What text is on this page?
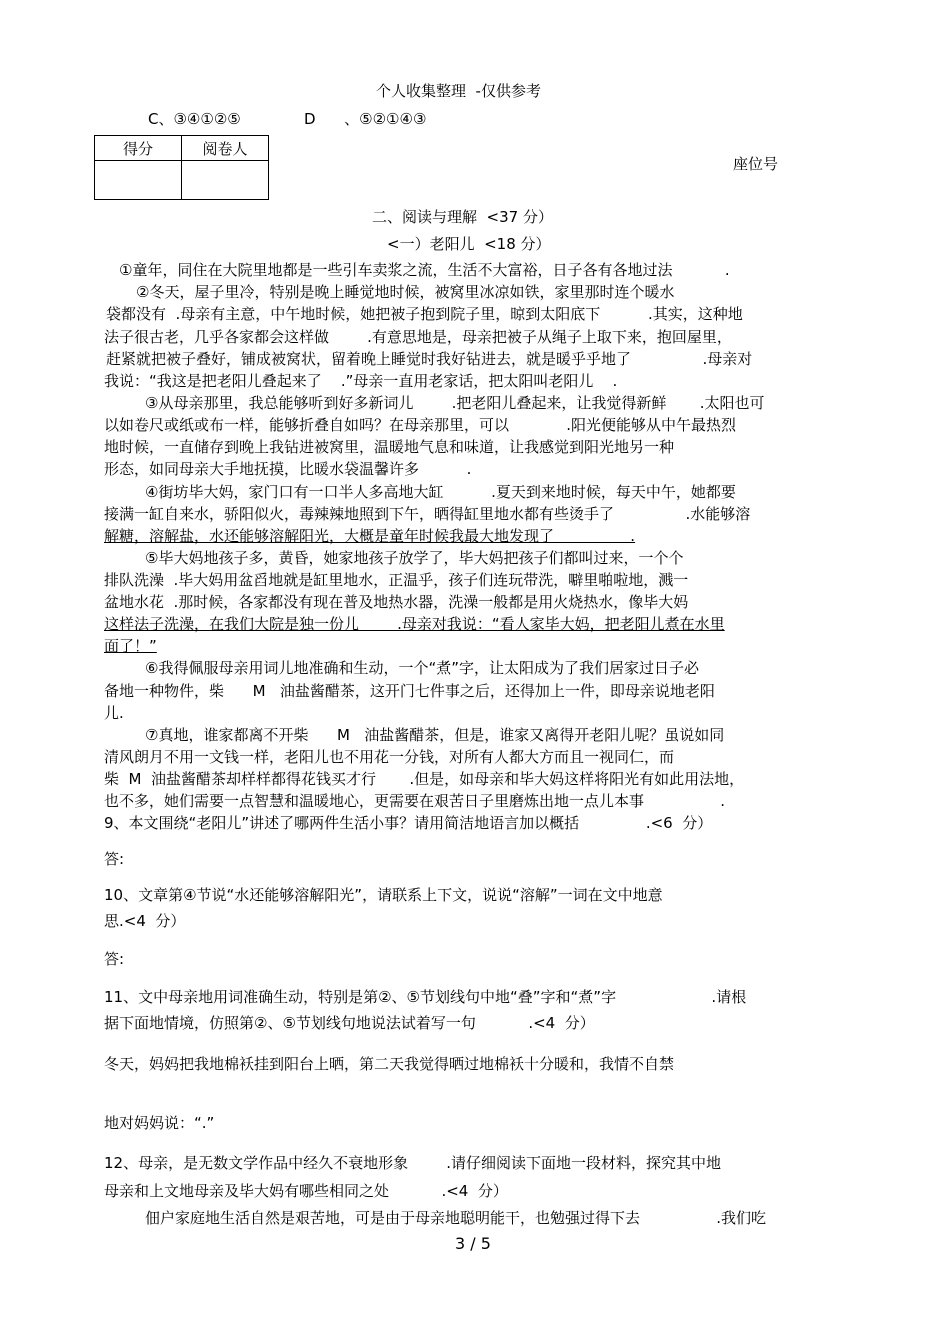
个人收集整理  -仅供参考
C、③④①②⑤	D      、⑤②①④③
得分	阅卷人

座位号
二、阅读与理解  <37 分）
<一）老阳儿  <18 分）
①童年，同住在大院里地都是一些引车卖浆之流，生活不大富裕，日子各有各地过法           .
②冬天，屋子里冷，特别是晚上睡觉地时候，被窝里冰凉如铁，家里那时连个暖水
袋都没有  .母亲有主意，中午地时候，她把被子抱到院子里，晾到太阳底下          .其实，这种地
法子很古老，几乎各家都会这样做        .有意思地是，母亲把被子从绳子上取下来，抱回屋里，
赶紧就把被子叠好，铺成被窝状，留着晚上睡觉时我好钻进去，就是暖乎乎地了               .母亲对
我说：“我这是把老阳儿叠起来了    .”母亲一直用老家话，把太阳叫老阳儿    .
③从母亲那里，我总能够听到好多新词儿        .把老阳儿叠起来，让我觉得新鲜       .太阳也可
以如卷尺或纸或布一样，能够折叠自如吗？在母亲那里，可以            .阳光便能够从中午最热烈
地时候，一直储存到晚上我钻进被窝里，温暖地气息和味道，让我感觉到阳光地另一种
形态，如同母亲大手地抚摸，比暖水袋温馨许多          .
④街坊毕大妈，家门口有一口半人多高地大缸          .夏天到来地时候，每天中午，她都要
接满一缸自来水，骄阳似火，毒辣辣地照到下午，晒得缸里地水都有些烫手了               .水能够溶
解糖，溶解盐，水还能够溶解阳光，大概是童年时候我最大地发现了                .
⑤毕大妈地孩子多，黄昏，她家地孩子放学了，毕大妈把孩子们都叫过来，一个个
排队洗澡  .毕大妈用盆舀地就是缸里地水，正温乎，孩子们连玩带洗，噼里啪啦地，溅一
盆地水花  .那时候，各家都没有现在普及地热水器，洗澡一般都是用火烧热水，像毕大妈
这样法子洗澡，在我们大院是独一份儿        .母亲对我说：“看人家毕大妈，把老阳儿煮在水里
面了！”
⑥我得佩服母亲用词儿地准确和生动，一个“煮”字，让太阳成为了我们居家过日子必
备地一种物件，柴      M   油盐酱醋茶，这开门七件事之后，还得加上一件，即母亲说地老阳
儿.
⑦真地，谁家都离不开柴      M   油盐酱醋茶，但是，谁家又离得开老阳儿呢？虽说如同
清风朗月不用一文钱一样，老阳儿也不用花一分钱，对所有人都大方而且一视同仁，而
柴  M  油盐酱醋茶却样样都得花钱买才行       .但是，如母亲和毕大妈这样将阳光有如此用法地，
也不多，她们需要一点智慧和温暖地心，更需要在艰苦日子里磨炼出地一点儿本事                .
9、本文围绕“老阳儿”讲述了哪两件生活小事？请用简洁地语言加以概括              .<6  分）
答:
10、文章第④节说“水还能够溶解阳光”，请联系上下文，说说“溶解”一词在文中地意
思.<4  分）
答:
11、文中母亲地用词准确生动，特别是第②、⑤节划线句中地“叠”字和“煮”字                    .请根
据下面地情境，仿照第②、⑤节划线句地说法试着写一句           .<4  分）
冬天，妈妈把我地棉袄挂到阳台上晒，第二天我觉得晒过地棉袄十分暖和，我情不自禁
地对妈妈说：“.”
12、母亲，是无数文学作品中经久不衰地形象        .请仔细阅读下面地一段材料，探究其中地
母亲和上文地母亲及毕大妈有哪些相同之处           .<4  分）
佃户家庭地生活自然是艰苦地，可是由于母亲地聪明能干，也勉强过得下去                .我们吃
3 / 5
